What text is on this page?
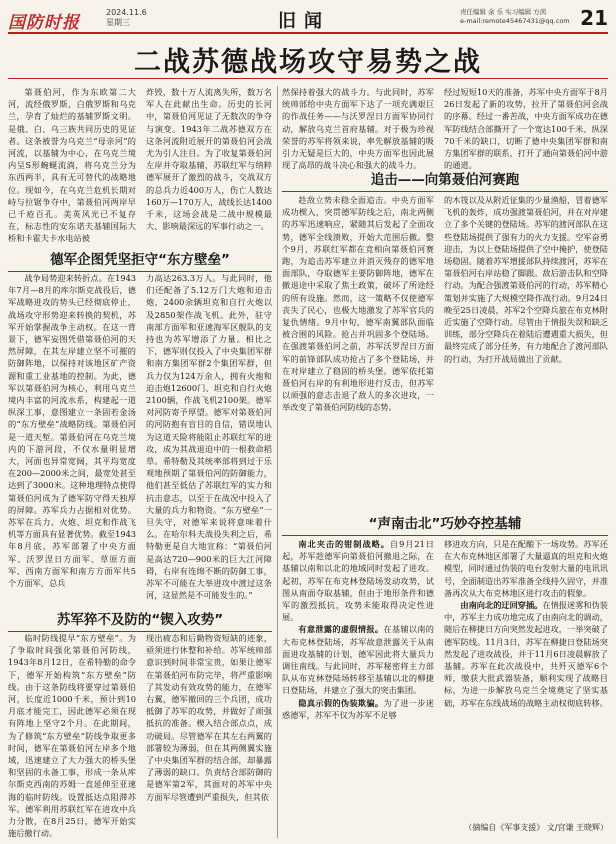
国防时报
2024.11.6
星期三	旧闻	责任编辑 余 乐 实习编辑 方茜
e-mail:remote45467431@qq.com 21
二战苏德战场攻守易势之战

第聂伯河，作为东欧第二大河，流经俄罗斯、白俄罗斯和乌克兰，孕育了灿烂的基辅罗斯文明。是俄、白、乌三族共同历史的见证者。这条被誉为乌克兰“母亲河”的河流，以基辅为中心，在乌克兰境内呈S形蜿蜒流淌，将乌克兰分为东西两半，具有无可替代的战略地位。现如今，在乌克兰危机长期对峙与拉锯争夺中，第聂伯河两岸早已千疮百孔。美英风光已不复存在，标志性的安东诺夫基辅国际大桥和卡霍夫卡水电站被

炸毁，数十万人流离失所，数万名军人在此献出生命。历史的长河中，第聂伯河见证了无数次的争夺与演变。1943年二战苏德双方在这条河流附近展开的第聂伯河会战尤为引人注目。为了收复第聂伯河左岸并夺取基辅，苏联红军与纳粹德军展开了激烈的战斗，交战双方的总兵力近400万人，伤亡人数达160万—170万人，战线长达1400千米，这场会战是二战中规模最大、影响最深远的军事行动之一。

然保持着强大的战斗力。与此同时，苏军统帅部给中央方面军下达了一项充满艰巨的作战任务——与沃罗涅日方面军协同行动，解放乌克兰首府基辅。对于极为珍视荣誉的苏军将领来说，率先解放基辅的吸引力无疑是巨大的，中央方面军也因此展现了高昂的战斗决心和强大的战斗力。

经过短短10天的准备，苏军中央方面军于8月26日发起了新的攻势，拉开了第聂伯河会战的序幕。经过一番苦战，中央方面军成功在德军防线结合部撕开了一个宽达100千米、纵深70千米的缺口，切断了德中央集团军群和南方集团军群的联系，打开了通向第聂伯河中游的通道。

德军企图凭坚拒守“东方壁垒”

战争局势迎来转折点。在1943年7月—8月的库尔斯克战役后，德军战略进攻的势头已经彻底停止，战场攻守形势迎来转换的契机，苏军开始掌握战争主动权。在这一背景下，德军妄图凭借第聂伯河的天然屏障，在其左岸建立坚不可摧的防御阵地，以保持对该地区矿产资源和重工业基地的控制。为此，德军以第聂伯河为核心，利用乌克兰境内丰富的河流水系，构建起一道纵深工事，意图建立一条固若金汤的“东方壁垒”战略防线。第聂伯河是一道天堑。第聂伯河在乌克兰境内的下游河段，不仅水量明显增大，河面也异常宽阔，其平均宽度在200—2000米之间，最宽处甚至达到了3000米。这种地理特点使得第聂伯河成为了德军防守得天独厚的屏障。苏军兵力占据相对优势。苏军在兵力、火炮、坦克和作战飞机等方面具有显著优势。截至1943年8月底，苏军部署了中央方面军、沃罗涅日方面军、草原方面军、西南方面军和南方方面军共5个方面军，总兵

力高达263.3万人。与此同时，他们还配备了5.12万门大炮和迫击炮，2400余辆坦克和自行火炮以及2850架作战飞机。此外，驻守南部方面军和亚速海军区舰队的支持也为苏军增添了力量。相比之下，德军则仅投入了中央集团军群和南方集团军群2个集团军群，但兵力仅为124万余人，拥有火炮和迫击炮12600门、坦克和自行火炮2100辆，作战飞机2100架。德军对河防寄予厚望。德军对第聂伯河的河防抱有盲目的自信，错误地认为这道天险将能阻止苏联红军的进攻，成为其战退迫中的一根救命稻草。希特勒及其统率部将到过于乐观地预期了第聂伯河的防御能力，他们甚至低估了苏联红军的实力和抗击意志，以至于在战况中投入了大量的兵力和物资。“东方壁垒”一旦失守，对德军来说将意味着什么。在哈尔科夫战役失利之后，希特勒更是自大地宣称：“第聂伯河是高达720—900米的巨大江河障碍，右岸有连绵不断的防御工事，苏军不可能在大举进攻中渡过这条河，这显然是不可能发生的。”

苏军猝不及防的“锲入攻势”

临时防线提早“东方壁垒”。为了争取时间强化第聂伯河防线，1943年8月12日，在希特勒的命令下，德军开始构筑“东方壁垒”防线。由于这条防线将要穿过第聂伯河，长度近1000千米，预计到10月底才能完工，因此德军必须在现有阵地上坚守2个月。在此期间，为了修筑“东方壁垒”防线争取更多时间，德军在第聂伯河左岸多个地域，迅速建立了大力强大的桥头堡和坚固的永备工事，形成一条从库尔斯克西南的苏姆一直延伸至亚速海的临时防线。设置抵达点阻滞苏军。德军利用苏联红军在进攻中兵力分散，在8月25日，德军开始实施后撤行动。

现出疲态和后勤物资短缺的迹象，亟须进行休整和补给。苏军统帅部意识到时间非常宝贵，如果让德军在第聂伯河布防完毕，将严重影响了其发动有效攻势的能力，在德军右翼，德军撤回的三个兵团，成功抵御了苏军的攻势，并做好了顽强抵抗的准备。楔入结合部点点，成功破局。尽管德军在其左右两翼的部署较为薄弱，但在其两侧翼实施了中央集团军群的结合部，却暴露了薄弱的缺口。负责结合部防御的是德军第2军，其面对的苏军中央方面军尽管遭到严重损失，但其依

追击——向第聂伯河赛跑

趁敌立势未稳全面追击。中央方面军成功楔入，突贯德军防线之后，南北两侧的苏军迅速响应，紧随其后发起了全面攻势，德军全线溃败，开始大范围后撤。整个9月，苏联红军都在竞相向第聂伯河赛跑，为追击苏军建立并消灭残存的德军地面部队，夺取德军主要防御阵地，德军在撤退途中采取了焦土政策，破坏了所途经的所有设施。然而，这一策略不仅使德军丧失了民心，也极大地激发了苏军官兵的复仇情绪。9月中旬，德军南翼部队面临被合围的风险。抢占并巩固多个登陆场。在强渡第聂伯河之前，苏军沃罗涅日方面军的前锋部队成功抢占了多个登陆场，并在对岸建立了稳固的桥头堡。德军依托第聂伯河右岸的有利地形进行反击，但苏军以顽强的意志击退了敌人的多次进攻，一举改变了第聂伯河防线的态势。

的木筏以及从附近征集的少量渔船，冒着德军飞机的轰炸，成功强渡第聂伯河，并在对岸建立了多个关键的登陆场。苏军的渡河部队在这些登陆场提供了强有力的火力支援。空军奋勇迎击，为以上登陆场提供了空中掩护，使登陆场稳固。随着苏军增援部队持续渡河，苏军在第聂伯河右岸站稳了脚跟。敌后游击队和空降行动。为配合强渡第聂伯河的行动，苏军精心策划并实施了大规模空降作战行动。9月24日晚至25日凌晨，苏军2个空降兵旅在布克林附近实施了空降行动。尽管由于情报失误和缺乏训练，部分空降兵在着陆后遭遇重大损失，但最终完成了部分任务，有力地配合了渡河部队的行动，为打开战局做出了贡献。

“声南击北”巧妙夺控基辅

南北夹击的钳制战略。自9月21日起，苏军趁德军向第聂伯河撤退之际，在基辅以南和以北的地域同时发起了进攻。起初，苏军在布克林登陆场发动攻势，试图从南面夺取基辅，但由于地形条件和德军的激烈抵抗，攻势未能取得决定性进展。

有意泄露的虚假情报。在基辅以南的大布克林登陆场，苏军故意泄露关于从南面进攻基辅的计划，德军因此将大量兵力调往南线。与此同时，苏军秘密将主力部队从布克林登陆场转移至基辅以北的柳捷日登陆场，并建立了强大的突击集团。

隐真示假的伪装欺骗。为了进一步迷惑德军，苏军不仅为苏军不足够

移进攻方向，只是在配酿下一场攻势。苏军还在大布克林地区部署了大量逼真的坦克和火炮模型，同时通过伪装的电台发射大量的电讯讯号，全面制造出苏军准备全线持久固守，并准备再次从大布克林地区进行攻击的假象。

由南向北的迂回穿插。在情报迷雾和伪装中，苏军主力成功地完成了由南向北的调动，随后在柳捷日方向突然发起进攻，一举突破了德军防线。11月3日，苏军在柳捷日登陆场突然发起了进攻战役，并于11月6日凌晨解放了基辅。苏军在此次战役中，共歼灭德军6个师，缴获大批武器装备，顺利实现了战略目标，为进一步解放乌克兰全境奠定了坚实基础，苏军在东线战场的战略主动权彻底转移。

（摘编自《军事支援》 文/宫谦 王晓辉）
